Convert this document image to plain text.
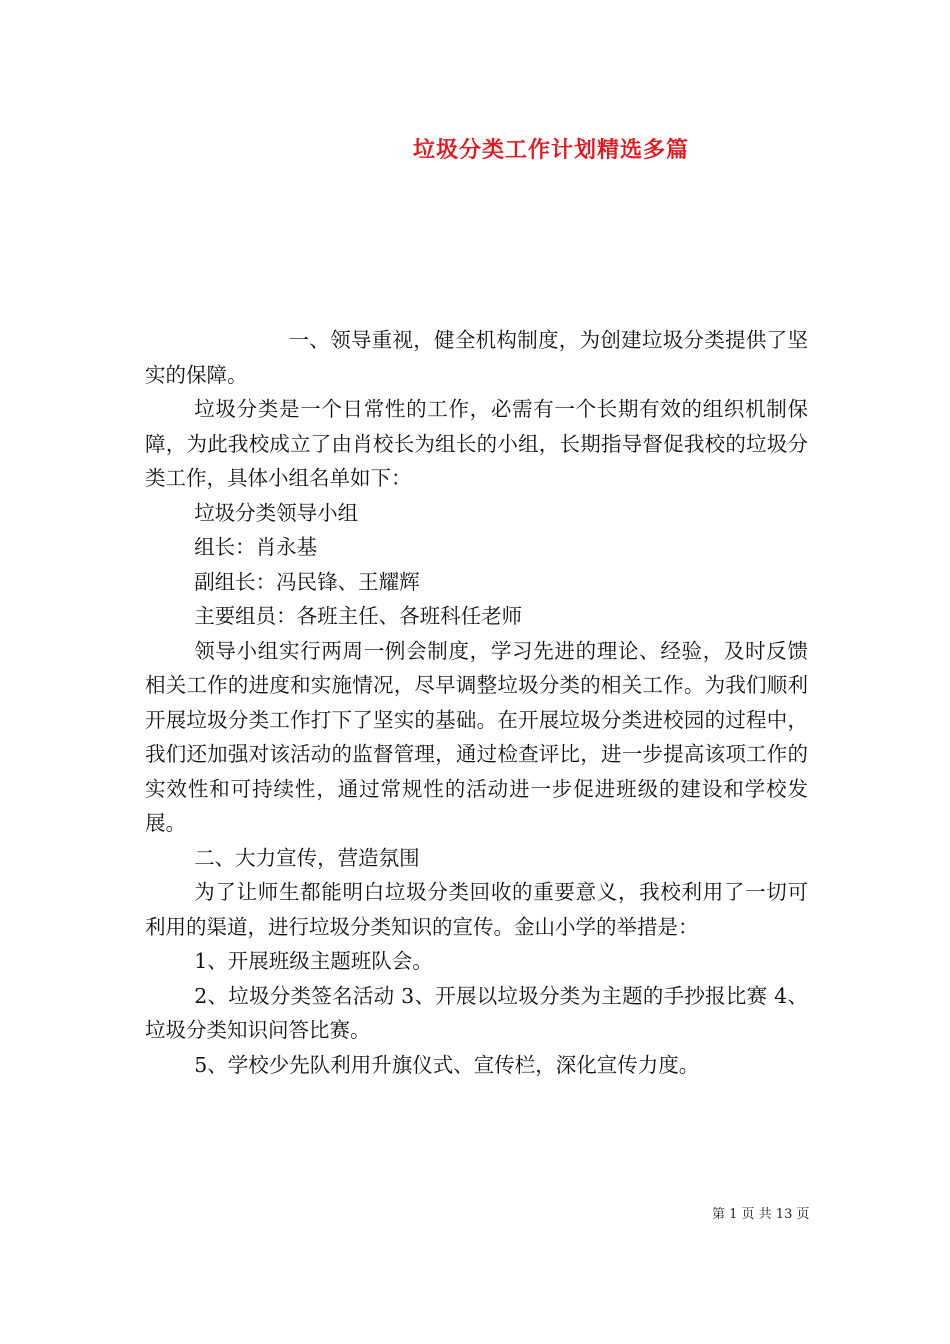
垃圾分类工作计划精选多篇

一、领导重视，健全机构制度，为创建垃圾分类提供了坚实的保障。

垃圾分类是一个日常性的工作，必需有一个长期有效的组织机制保障，为此我校成立了由肖校长为组长的小组，长期指导督促我校的垃圾分类工作，具体小组名单如下：

垃圾分类领导小组

组长：肖永基

副组长：冯民锋、王耀辉

主要组员：各班主任、各班科任老师

领导小组实行两周一例会制度，学习先进的理论、经验，及时反馈相关工作的进度和实施情况，尽早调整垃圾分类的相关工作。为我们顺利开展垃圾分类工作打下了坚实的基础。在开展垃圾分类进校园的过程中，我们还加强对该活动的监督管理，通过检查评比，进一步提高该项工作的实效性和可持续性，通过常规性的活动进一步促进班级的建设和学校发展。

二、大力宣传，营造氛围

为了让师生都能明白垃圾分类回收的重要意义，我校利用了一切可利用的渠道，进行垃圾分类知识的宣传。金山小学的举措是：

1、开展班级主题班队会。

2、垃圾分类签名活动 3、开展以垃圾分类为主题的手抄报比赛 4、垃圾分类知识问答比赛。

5、学校少先队利用升旗仪式、宣传栏，深化宣传力度。

第 1 页 共 13 页
